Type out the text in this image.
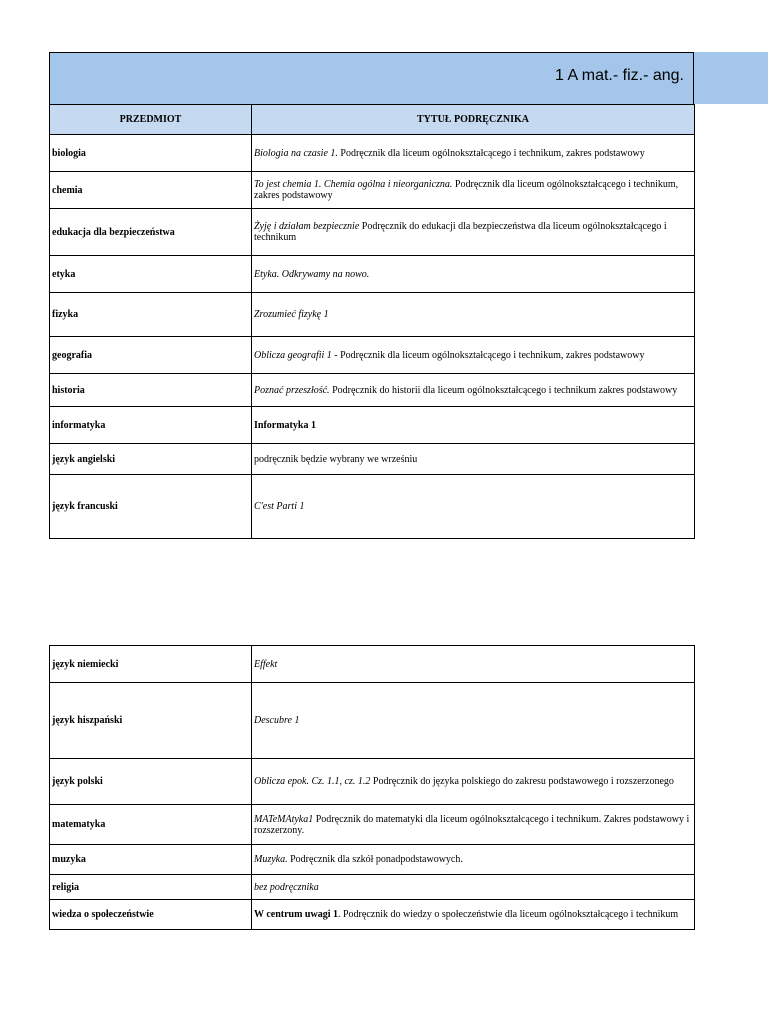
1 A mat.- fiz.- ang.
PRZEDMIOT	TYTUŁ PODRĘCZNIKA
biologia	Biologia na czasie 1. Podręcznik dla liceum ogólnokształcącego i technikum, zakres podstawowy
chemia	To jest chemia 1. Chemia ogólna i nieorganiczna. Podręcznik dla liceum ogólnokształcącego i technikum, zakres podstawowy
edukacja dla bezpieczeństwa	Żyję i działam bezpiecznie Podręcznik do edukacji dla bezpieczeństwa dla liceum ogólnokształcącego i technikum
etyka	Etyka. Odkrywamy na nowo.
fizyka	Zrozumieć fizykę 1
geografia	Oblicza geografii 1 - Podręcznik dla liceum ogólnokształcącego i technikum, zakres podstawowy
historia	Poznać przeszłość. Podręcznik do historii dla liceum ogólnokształcącego i technikum zakres podstawowy
informatyka	Informatyka 1
język angielski	podręcznik będzie wybrany we wrześniu
język francuski	C'est Parti 1
język niemiecki	Effekt
język hiszpański	Descubre 1
język polski	Oblicza epok. Cz. 1.1, cz. 1.2 Podręcznik do języka polskiego do zakresu podstawowego i rozszerzonego
matematyka	MATeMAtyka1 Podręcznik do matematyki dla liceum ogólnokształcącego i technikum. Zakres podstawowy i rozszerzony.
muzyka	Muzyka. Podręcznik dla szkół ponadpodstawowych.
religia	bez podręcznika
wiedza o społeczeństwie	W centrum uwagi 1. Podręcznik do wiedzy o społeczeństwie dla liceum ogólnokształcącego i technikum
